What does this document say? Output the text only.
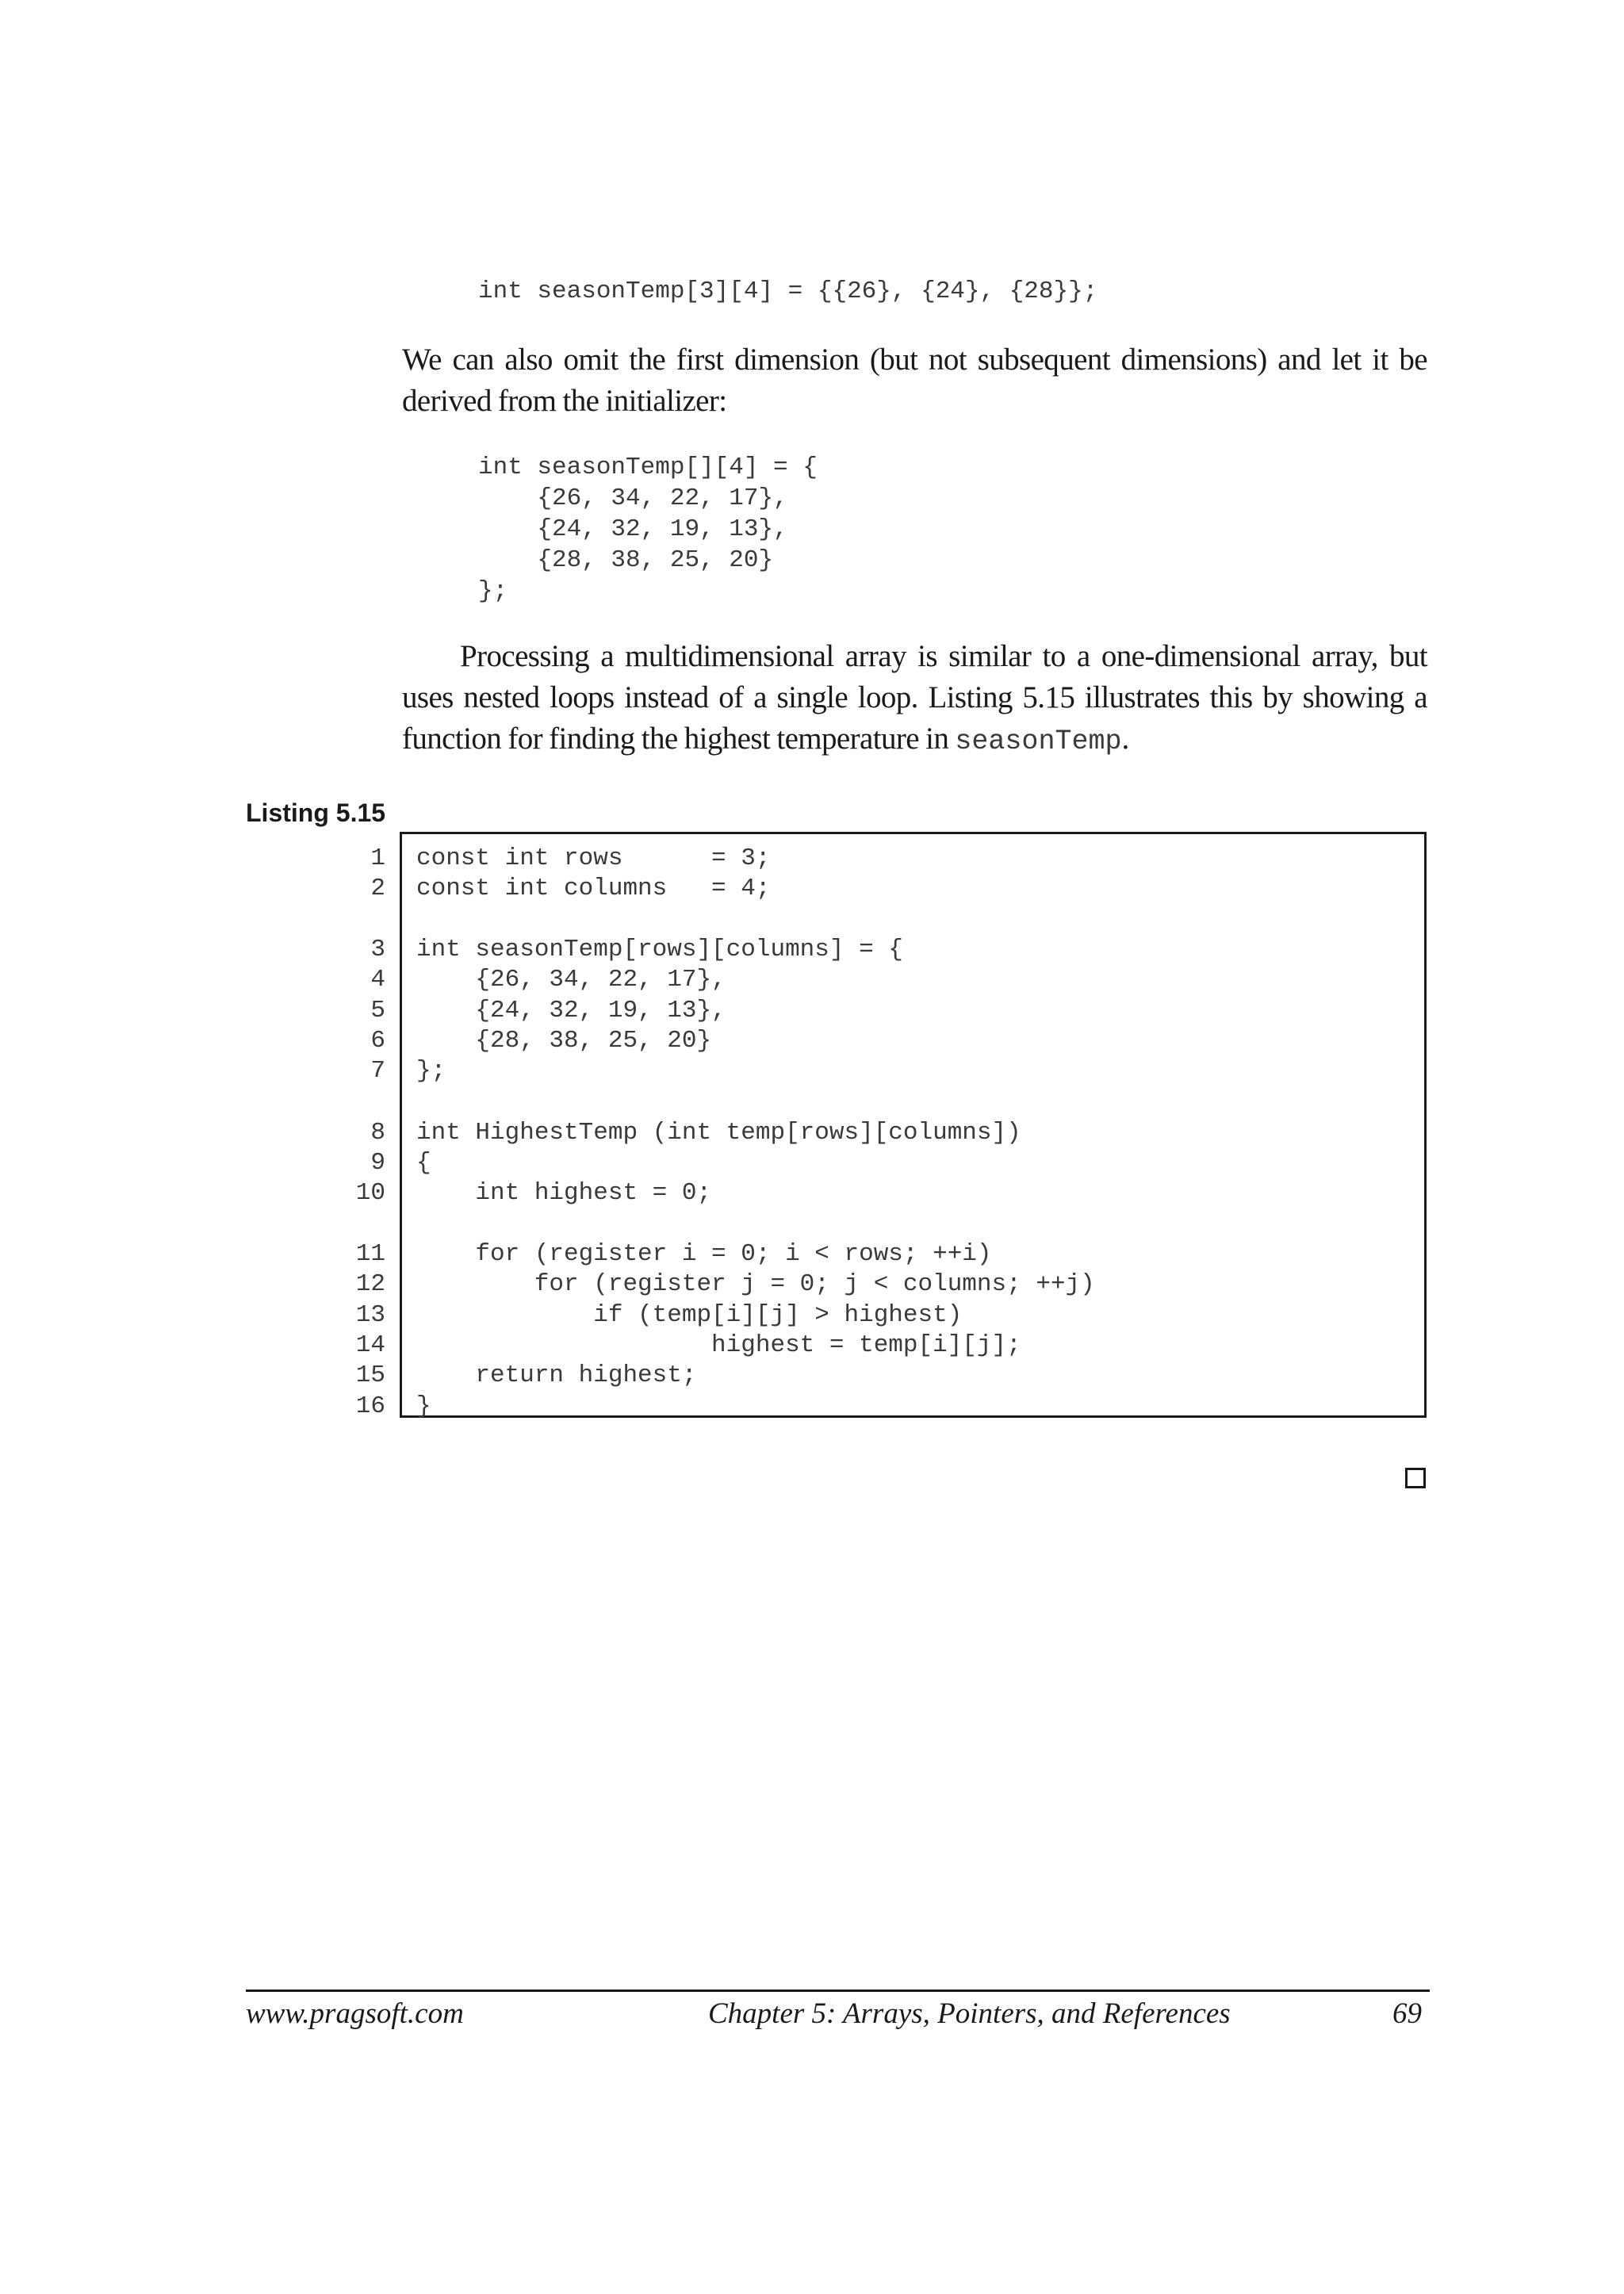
int seasonTemp[3][4] = {{26}, {24}, {28}};
We can also omit the first dimension (but not subsequent dimensions) and let it be
derived from the initializer:
int seasonTemp[][4] = {
{26, 34, 22, 17},
{24, 32, 19, 13},
{28, 38, 25, 20}
};
Processing a multidimensional array is similar to a one-dimensional array, but
uses nested loops instead of a single loop. Listing 5.15 illustrates this by showing a
function for finding the highest temperature in seasonTemp.
Listing 5.15
1 const int rows      = 3;
2 const int columns   = 4;
3 int seasonTemp[rows][columns] = {
4 {26, 34, 22, 17},
5 {24, 32, 19, 13},
6 {28, 38, 25, 20}
7 };
8 int HighestTemp (int temp[rows][columns])
9 {
10 int highest = 0;
11 for (register i = 0; i < rows; ++i)
12 for (register j = 0; j < columns; ++j)
13 if (temp[i][j] > highest)
14 highest = temp[i][j];
15 return highest;
16 }
www.pragsoft.com	Chapter 5: Arrays, Pointers, and References	69
